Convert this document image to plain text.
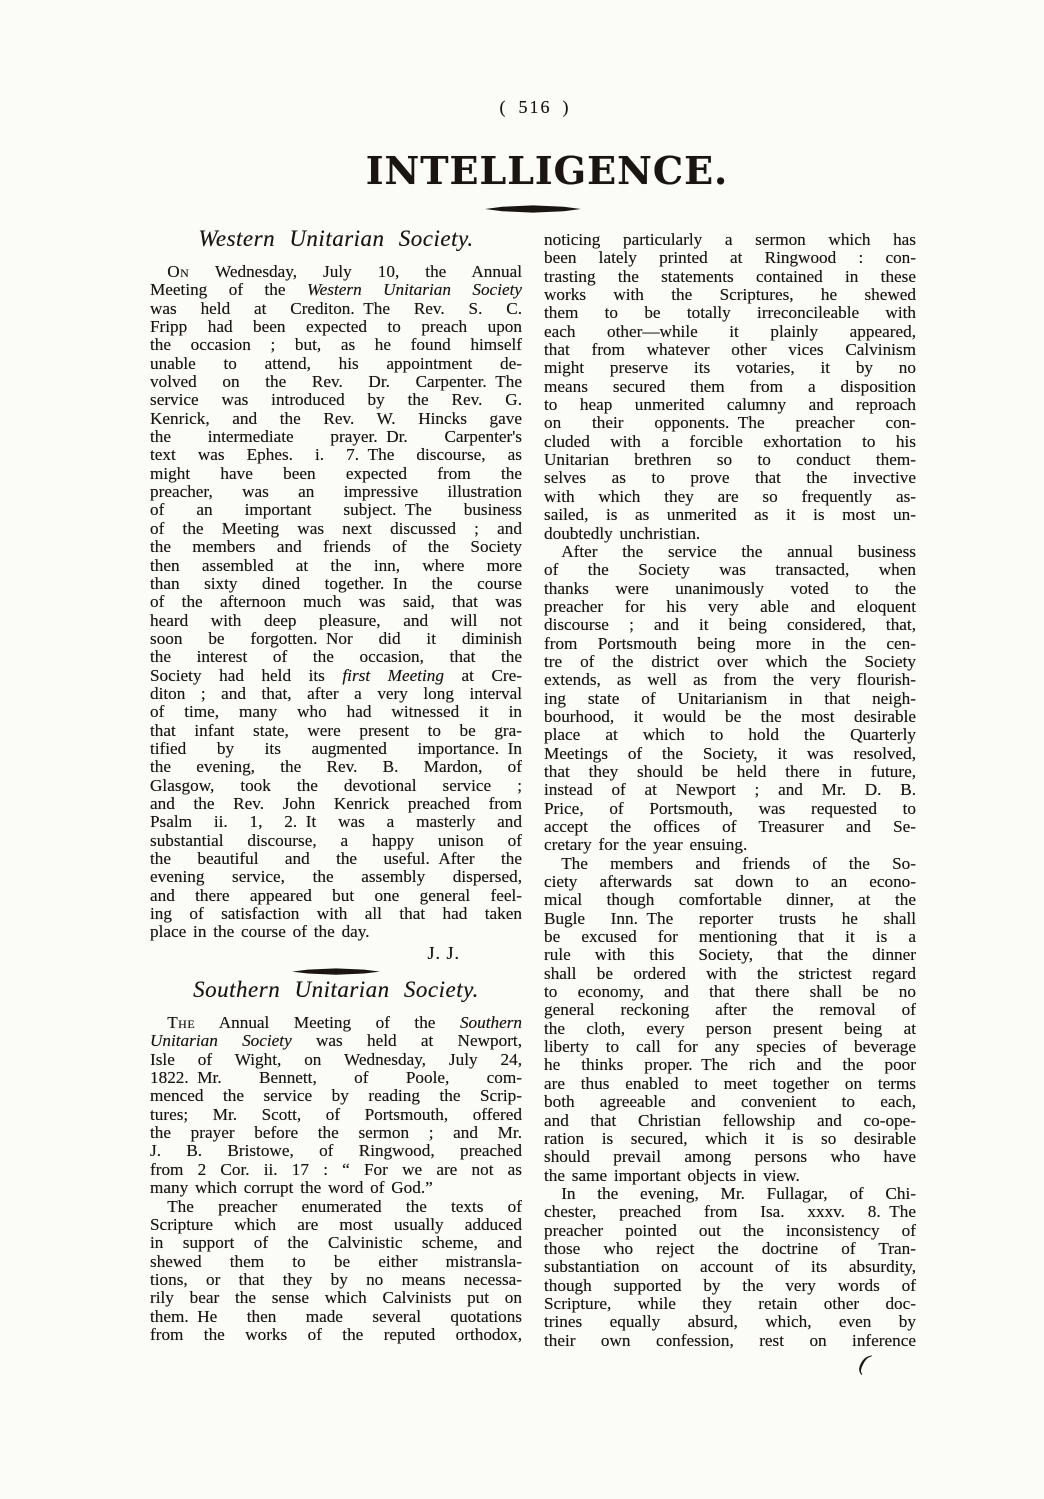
( 516 )
INTELLIGENCE.
Western Unitarian Society.
  On Wednesday, July 10, the Annual
Meeting of the Western Unitarian Society
was held at Crediton. The Rev. S. C.
Fripp had been expected to preach upon
the occasion ; but, as he found himself
unable to attend, his appointment de-
volved on the Rev. Dr. Carpenter. The
service was introduced by the Rev. G.
Kenrick, and the Rev. W. Hincks gave
the intermediate prayer. Dr. Carpenter's
text was Ephes. i. 7. The discourse, as
might have been expected from the
preacher, was an impressive illustration
of an important subject. The business
of the Meeting was next discussed ; and
the members and friends of the Society
then assembled at the inn, where more
than sixty dined together. In the course
of the afternoon much was said, that was
heard with deep pleasure, and will not
soon be forgotten. Nor did it diminish
the interest of the occasion, that the
Society had held its first Meeting at Cre-
diton ; and that, after a very long interval
of time, many who had witnessed it in
that infant state, were present to be gra-
tified by its augmented importance. In
the evening, the Rev. B. Mardon, of
Glasgow, took the devotional service ;
and the Rev. John Kenrick preached from
Psalm ii. 1, 2. It was a masterly and
substantial discourse, a happy unison of
the beautiful and the useful. After the
evening service, the assembly dispersed,
and there appeared but one general feel-
ing of satisfaction with all that had taken
place in the course of the day.
J. J.
Southern Unitarian Society.
  The Annual Meeting of the Southern
Unitarian Society was held at Newport,
Isle of Wight, on Wednesday, July 24,
1822. Mr. Bennett, of Poole, com-
menced the service by reading the Scrip-
tures; Mr. Scott, of Portsmouth, offered
the prayer before the sermon ; and Mr.
J. B. Bristowe, of Ringwood, preached
from 2 Cor. ii. 17 : “ For we are not as
many which corrupt the word of God.”
  The preacher enumerated the texts of
Scripture which are most usually adduced
in support of the Calvinistic scheme, and
shewed them to be either mistransla-
tions, or that they by no means necessa-
rily bear the sense which Calvinists put on
them. He then made several quotations
from the works of the reputed orthodox,
noticing particularly a sermon which has
been lately printed at Ringwood : con-
trasting the statements contained in these
works with the Scriptures, he shewed
them to be totally irreconcileable with
each other—while it plainly appeared,
that from whatever other vices Calvinism
might preserve its votaries, it by no
means secured them from a disposition
to heap unmerited calumny and reproach
on their opponents. The preacher con-
cluded with a forcible exhortation to his
Unitarian brethren so to conduct them-
selves as to prove that the invective
with which they are so frequently as-
sailed, is as unmerited as it is most un-
doubtedly unchristian.
  After the service the annual business
of the Society was transacted, when
thanks were unanimously voted to the
preacher for his very able and eloquent
discourse ; and it being considered, that,
from Portsmouth being more in the cen-
tre of the district over which the Society
extends, as well as from the very flourish-
ing state of Unitarianism in that neigh-
bourhood, it would be the most desirable
place at which to hold the Quarterly
Meetings of the Society, it was resolved,
that they should be held there in future,
instead of at Newport ; and Mr. D. B.
Price, of Portsmouth, was requested to
accept the offices of Treasurer and Se-
cretary for the year ensuing.
  The members and friends of the So-
ciety afterwards sat down to an econo-
mical though comfortable dinner, at the
Bugle Inn. The reporter trusts he shall
be excused for mentioning that it is a
rule with this Society, that the dinner
shall be ordered with the strictest regard
to economy, and that there shall be no
general reckoning after the removal of
the cloth, every person present being at
liberty to call for any species of beverage
he thinks proper. The rich and the poor
are thus enabled to meet together on terms
both agreeable and convenient to each,
and that Christian fellowship and co-ope-
ration is secured, which it is so desirable
should prevail among persons who have
the same important objects in view.
  In the evening, Mr. Fullagar, of Chi-
chester, preached from Isa. xxxv. 8. The
preacher pointed out the inconsistency of
those who reject the doctrine of Tran-
substantiation on account of its absurdity,
though supported by the very words of
Scripture, while they retain other doc-
trines equally absurd, which, even by
their own confession, rest on inference
(
